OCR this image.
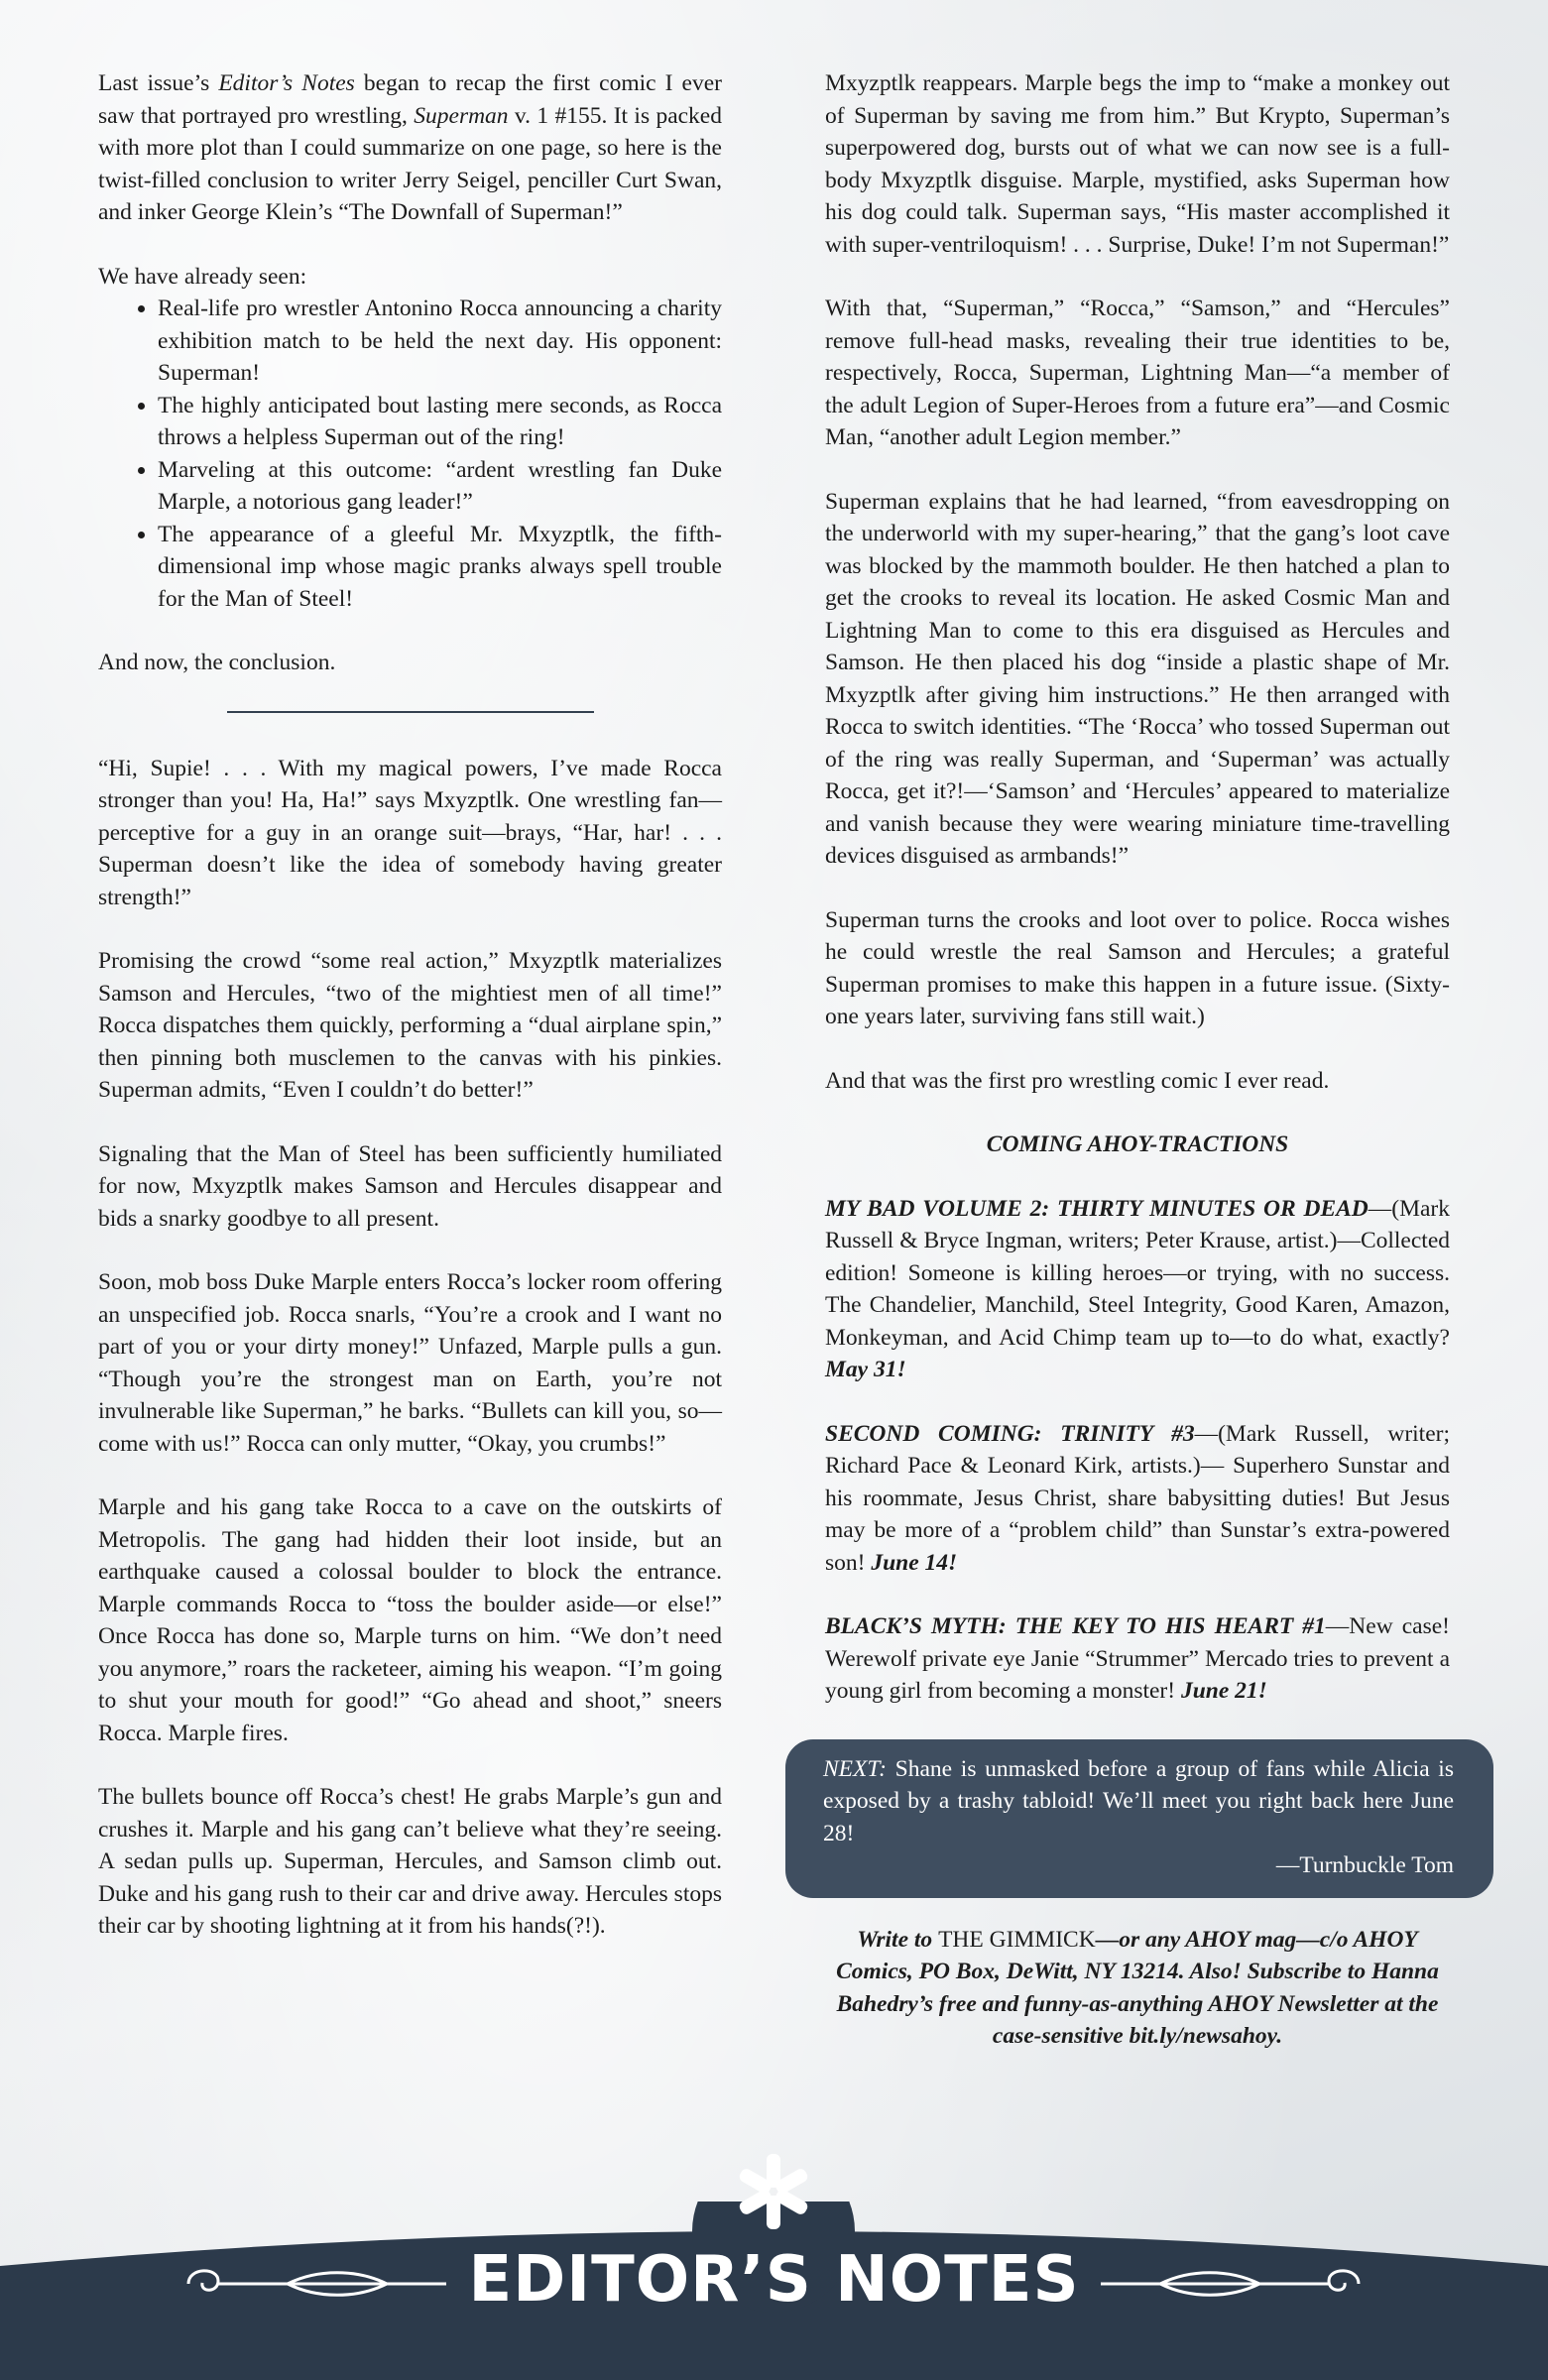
Last issue’s Editor’s Notes began to recap the first comic I ever saw that portrayed pro wrestling, Superman v. 1 #155. It is packed with more plot than I could summarize on one page, so here is the twist-filled conclusion to writer Jerry Seigel, penciller Curt Swan, and inker George Klein’s “The Downfall of Superman!”

We have already seen:

• Real-life pro wrestler Antonino Rocca announcing a charity exhibition match to be held the next day. His opponent: Superman!
• The highly anticipated bout lasting mere seconds, as Rocca throws a helpless Superman out of the ring!
• Marveling at this outcome: “ardent wrestling fan Duke Marple, a notorious gang leader!”
• The appearance of a gleeful Mr. Mxyzptlk, the fifth-dimensional imp whose magic pranks always spell trouble for the Man of Steel!

And now, the conclusion.

“Hi, Supie! . . . With my magical powers, I’ve made Rocca stronger than you! Ha, Ha!” says Mxyzptlk. One wrestling fan—perceptive for a guy in an orange suit—brays, “Har, har! . . . Superman doesn’t like the idea of somebody having greater strength!”

Promising the crowd “some real action,” Mxyzptlk materializes Samson and Hercules, “two of the mightiest men of all time!” Rocca dispatches them quickly, performing a “dual airplane spin,” then pinning both musclemen to the canvas with his pinkies. Superman admits, “Even I couldn’t do better!”

Signaling that the Man of Steel has been sufficiently humiliated for now, Mxyzptlk makes Samson and Hercules disappear and bids a snarky goodbye to all present.

Soon, mob boss Duke Marple enters Rocca’s locker room offering an unspecified job. Rocca snarls, “You’re a crook and I want no part of you or your dirty money!” Unfazed, Marple pulls a gun. “Though you’re the strongest man on Earth, you’re not invulnerable like Superman,” he barks. “Bullets can kill you, so—come with us!” Rocca can only mutter, “Okay, you crumbs!”

Marple and his gang take Rocca to a cave on the outskirts of Metropolis. The gang had hidden their loot inside, but an earthquake caused a colossal boulder to block the entrance. Marple commands Rocca to “toss the boulder aside—or else!” Once Rocca has done so, Marple turns on him. “We don’t need you anymore,” roars the racketeer, aiming his weapon. “I’m going to shut your mouth for good!” “Go ahead and shoot,” sneers Rocca. Marple fires.

The bullets bounce off Rocca’s chest! He grabs Marple’s gun and crushes it. Marple and his gang can’t believe what they’re seeing. A sedan pulls up. Superman, Hercules, and Samson climb out. Duke and his gang rush to their car and drive away. Hercules stops their car by shooting lightning at it from his hands(?!).

Mxyzptlk reappears. Marple begs the imp to “make a monkey out of Superman by saving me from him.” But Krypto, Superman’s superpowered dog, bursts out of what we can now see is a full-body Mxyzptlk disguise. Marple, mystified, asks Superman how his dog could talk. Superman says, “His master accomplished it with super-ventriloquism! . . . Surprise, Duke! I’m not Superman!”

With that, “Superman,” “Rocca,” “Samson,” and “Hercules” remove full-head masks, revealing their true identities to be, respectively, Rocca, Superman, Lightning Man—“a member of the adult Legion of Super-Heroes from a future era”—and Cosmic Man, “another adult Legion member.”

Superman explains that he had learned, “from eavesdropping on the underworld with my super-hearing,” that the gang’s loot cave was blocked by the mammoth boulder. He then hatched a plan to get the crooks to reveal its location. He asked Cosmic Man and Lightning Man to come to this era disguised as Hercules and Samson. He then placed his dog “inside a plastic shape of Mr. Mxyzptlk after giving him instructions.” He then arranged with Rocca to switch identities. “The ‘Rocca’ who tossed Superman out of the ring was really Superman, and ‘Superman’ was actually Rocca, get it?!—‘Samson’ and ‘Hercules’ appeared to materialize and vanish because they were wearing miniature time-travelling devices disguised as armbands!”

Superman turns the crooks and loot over to police. Rocca wishes he could wrestle the real Samson and Hercules; a grateful Superman promises to make this happen in a future issue. (Sixty-one years later, surviving fans still wait.)

And that was the first pro wrestling comic I ever read.

COMING AHOY-TRACTIONS

MY BAD VOLUME 2: THIRTY MINUTES OR DEAD—(Mark Russell & Bryce Ingman, writers; Peter Krause, artist.)—Collected edition! Someone is killing heroes—or trying, with no success. The Chandelier, Manchild, Steel Integrity, Good Karen, Amazon, Monkeyman, and Acid Chimp team up to—to do what, exactly? May 31!

SECOND COMING: TRINITY #3—(Mark Russell, writer; Richard Pace & Leonard Kirk, artists.)— Superhero Sunstar and his roommate, Jesus Christ, share babysitting duties! But Jesus may be more of a “problem child” than Sunstar’s extra-powered son! June 14!

BLACK’S MYTH: THE KEY TO HIS HEART #1—New case! Werewolf private eye Janie “Strummer” Mercado tries to prevent a young girl from becoming a monster! June 21!

NEXT: Shane is unmasked before a group of fans while Alicia is exposed by a trashy tabloid! We’ll meet you right back here June 28!
—Turnbuckle Tom

Write to THE GIMMICK—or any AHOY mag—c/o AHOY Comics, PO Box, DeWitt, NY 13214. Also! Subscribe to Hanna Bahedry’s free and funny-as-anything AHOY Newsletter at the case-sensitive bit.ly/newsahoy.

EDITOR’S NOTES
